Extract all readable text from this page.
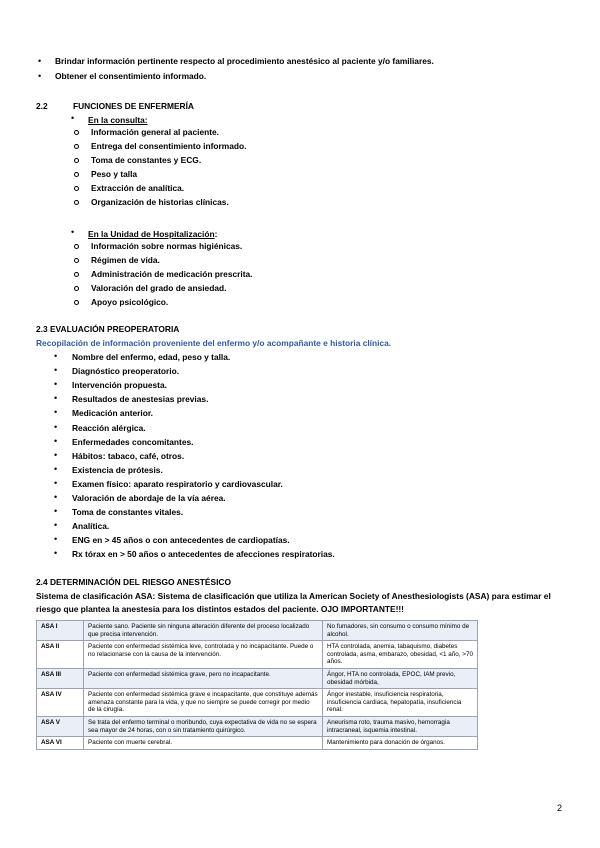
• Brindar información pertinente respecto al procedimiento anestésico al paciente y/o familiares.
• Obtener el consentimiento informado.
2.2	FUNCIONES DE ENFERMERÍA
• En la consulta:
Información general al paciente.
Entrega del consentimiento informado.
Toma de constantes y ECG.
Peso y talla
Extracción de analítica.
Organización de historias clínicas.
• En la Unidad de Hospitalización:
Información sobre normas higiénicas.
Régimen de vida.
Administración de medicación prescrita.
Valoración del grado de ansiedad.
Apoyo psicológico.
2.3 EVALUACIÓN PREOPERATORIA
Recopilación de información proveniente del enfermo y/o acompañante e historia clínica.
• Nombre del enfermo, edad, peso y talla.
• Diagnóstico preoperatorio.
• Intervención propuesta.
• Resultados de anestesias previas.
• Medicación anterior.
• Reacción alérgica.
• Enfermedades concomitantes.
• Hábitos: tabaco, café, otros.
• Existencia de prótesis.
• Examen físico: aparato respiratorio y cardiovascular.
• Valoración de abordaje de la vía aérea.
• Toma de constantes vitales.
• Analítica.
• ENG en > 45 años o con antecedentes de cardiopatías.
• Rx tórax en > 50 años o antecedentes de afecciones respiratorias.
2.4 DETERMINACIÓN DEL RIESGO ANESTÉSICO
Sistema de clasificación ASA: Sistema de clasificación que utiliza la American Society of Anesthesiologists (ASA) para estimar el
riesgo que plantea la anestesia para los distintos estados del paciente. OJO IMPORTANTE!!!
ASA I	Paciente sano. Paciente sin ninguna alteración diferente del proceso localizado que precisa intervención.	No fumadores, sin consumo o consumo mínimo de alcohol.
ASA II	Paciente con enfermedad sistémica leve, controlada y no incapacitante. Puede o no relacionarse con la causa de la intervención.	HTA controlada, anemia, tabaquismo, diabetes controlada, asma, embarazo, obesidad, <1 año, >70 años.
ASA III	Paciente con enfermedad sistémica grave, pero no incapacitante.	Ángor, HTA no controlada, EPOC, IAM previo, obesidad mórbida,
ASA IV	Paciente con enfermedad sistémica grave e incapacitante, que constituye además amenaza constante para la vida, y que no siempre se puede corregir por medio de la cirugía.	Ángor inestable, insuficiencia respiratoria, insuficiencia cardiaca, hepatopatía, insuficiencia renal.
ASA V	Se trata del enfermo terminal o moribundo, cuya expectativa de vida no se espera sea mayor de 24 horas, con o sin tratamiento quirúrgico.	Aneurisma roto, trauma masivo, hemorragia intracraneal, isquemia intestinal.
ASA VI	Paciente con muerte cerebral.	Mantenimiento para donación de órganos.
2
